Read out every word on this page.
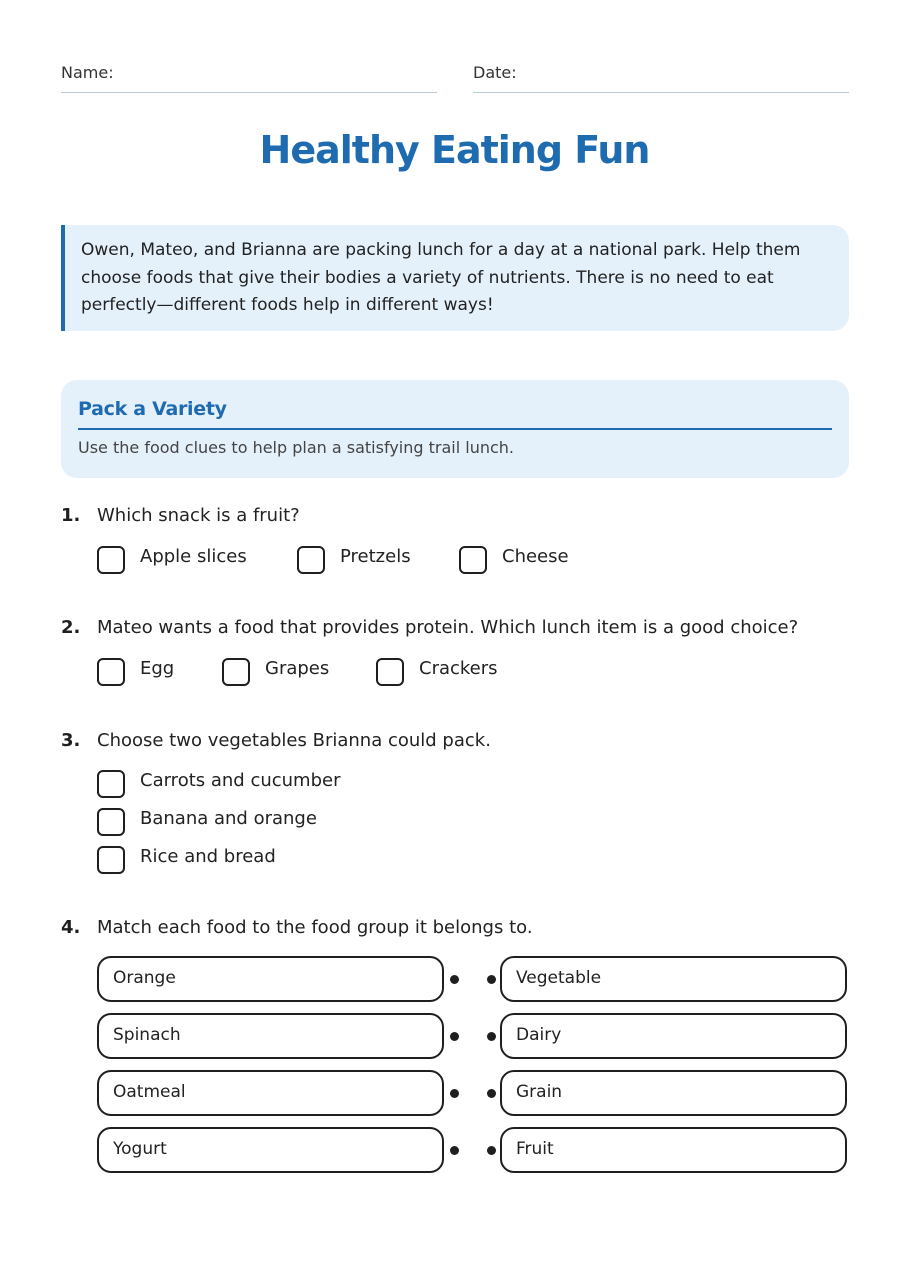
Name:	Date:
Healthy Eating Fun
Owen, Mateo, and Brianna are packing lunch for a day at a national park. Help them choose foods that give their bodies a variety of nutrients. There is no need to eat perfectly—different foods help in different ways!
Pack a Variety
Use the food clues to help plan a satisfying trail lunch.
1. Which snack is a fruit?
Apple slices	Pretzels	Cheese
2. Mateo wants a food that provides protein. Which lunch item is a good choice?
Egg	Grapes	Crackers
3. Choose two vegetables Brianna could pack.
Carrots and cucumber
Banana and orange
Rice and bread
4. Match each food to the food group it belongs to.
Orange	Vegetable
Spinach	Dairy
Oatmeal	Grain
Yogurt	Fruit
